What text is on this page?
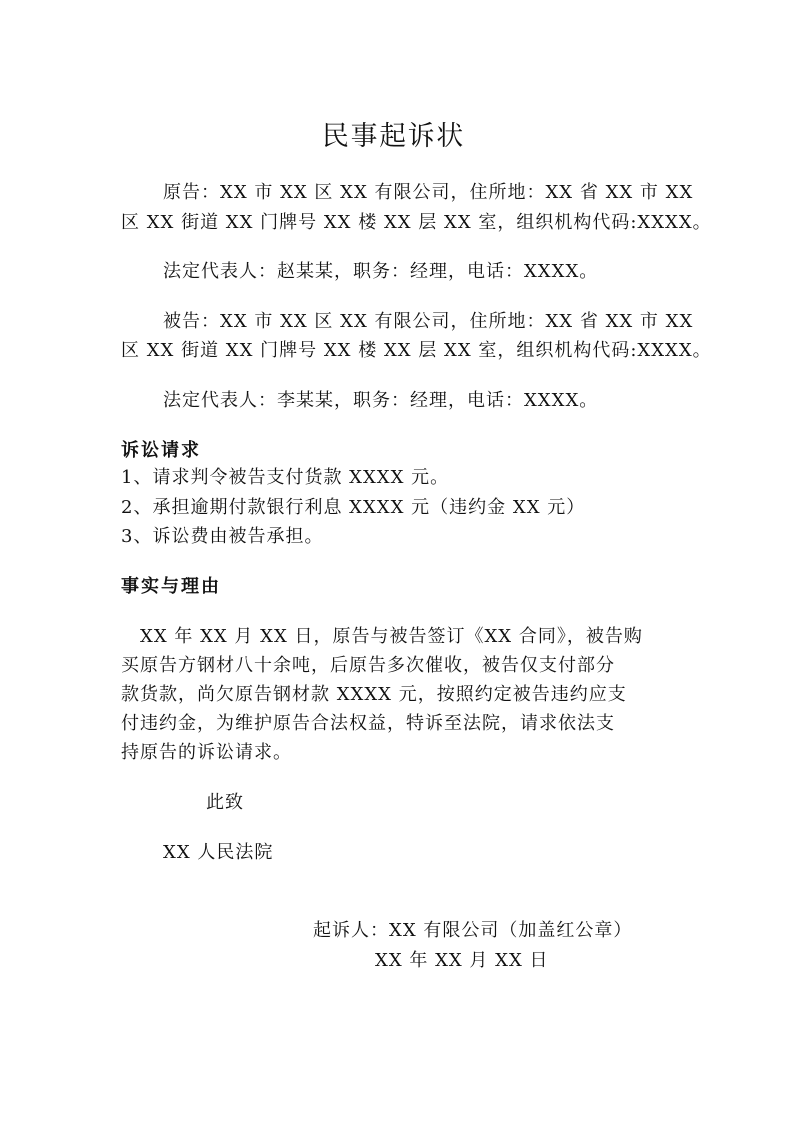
民事起诉状
原告：XX 市 XX 区 XX 有限公司，住所地：XX 省 XX 市 XX
区 XX 街道 XX 门牌号 XX 楼 XX 层 XX 室，组织机构代码:XXXX。
法定代表人：赵某某，职务：经理，电话：XXXX。
被告：XX 市 XX 区 XX 有限公司，住所地：XX 省 XX 市 XX
区 XX 街道 XX 门牌号 XX 楼 XX 层 XX 室，组织机构代码:XXXX。
法定代表人：李某某，职务：经理，电话：XXXX。
诉讼请求
1、请求判令被告支付货款 XXXX 元。
2、承担逾期付款银行利息 XXXX 元（违约金 XX 元）
3、诉讼费由被告承担。
事实与理由
XX 年 XX 月 XX 日，原告与被告签订《XX 合同》，被告购
买原告方钢材八十余吨，后原告多次催收，被告仅支付部分
款货款，尚欠原告钢材款 XXXX 元，按照约定被告违约应支
付违约金，为维护原告合法权益，特诉至法院，请求依法支
持原告的诉讼请求。
此致
XX 人民法院
起诉人：XX 有限公司（加盖红公章）
XX 年 XX 月 XX 日
